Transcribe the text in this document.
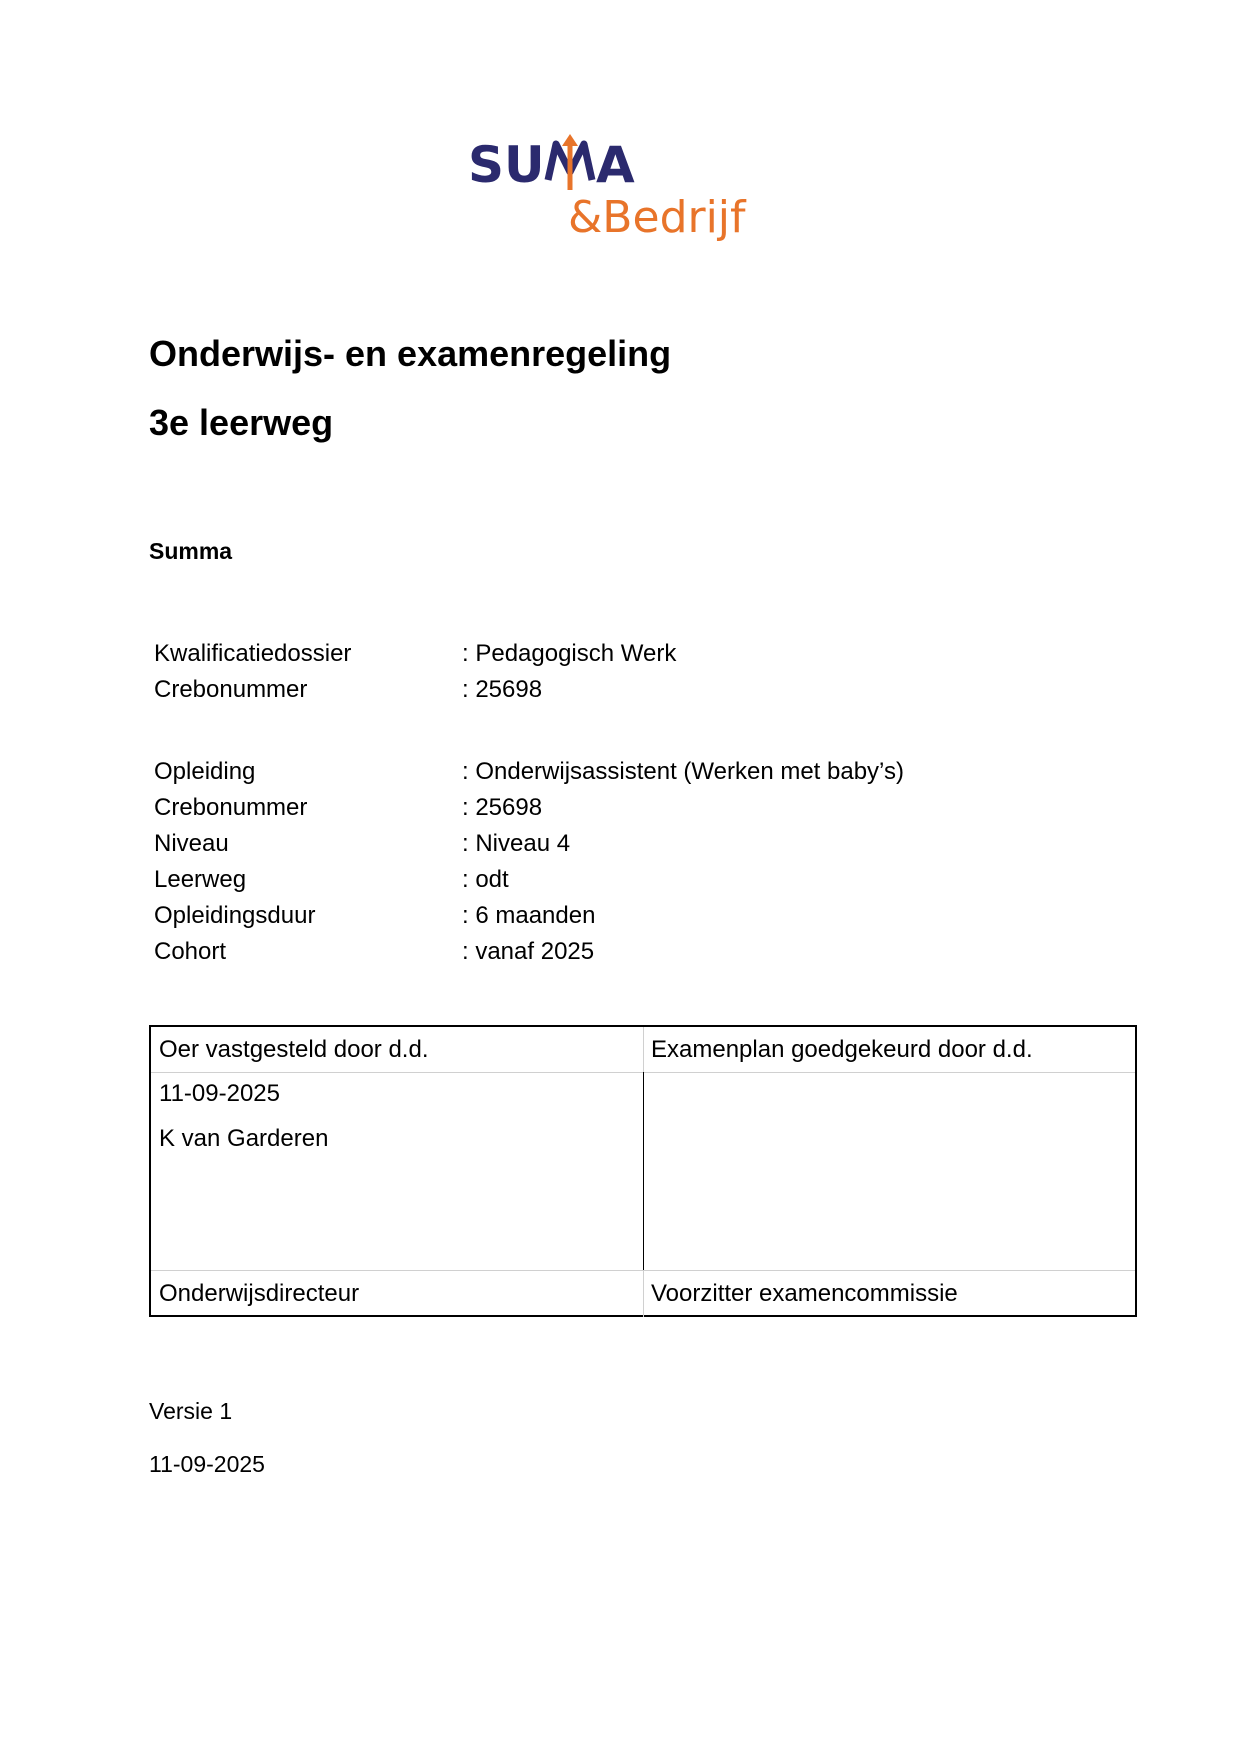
SU A
&Bedrijf
Onderwijs- en examenregeling
3e leerweg
Summa
Kwalificatiedossier	: Pedagogisch Werk
Crebonummer	: 25698
Opleiding	: Onderwijsassistent (Werken met baby’s)
Crebonummer	: 25698
Niveau	: Niveau 4
Leerweg	: odt
Opleidingsduur	: 6 maanden
Cohort	: vanaf 2025
Oer vastgesteld door d.d.	Examenplan goedgekeurd door d.d.
11-09-2025
K van Garderen
Onderwijsdirecteur	Voorzitter examencommissie
Versie 1
11-09-2025
